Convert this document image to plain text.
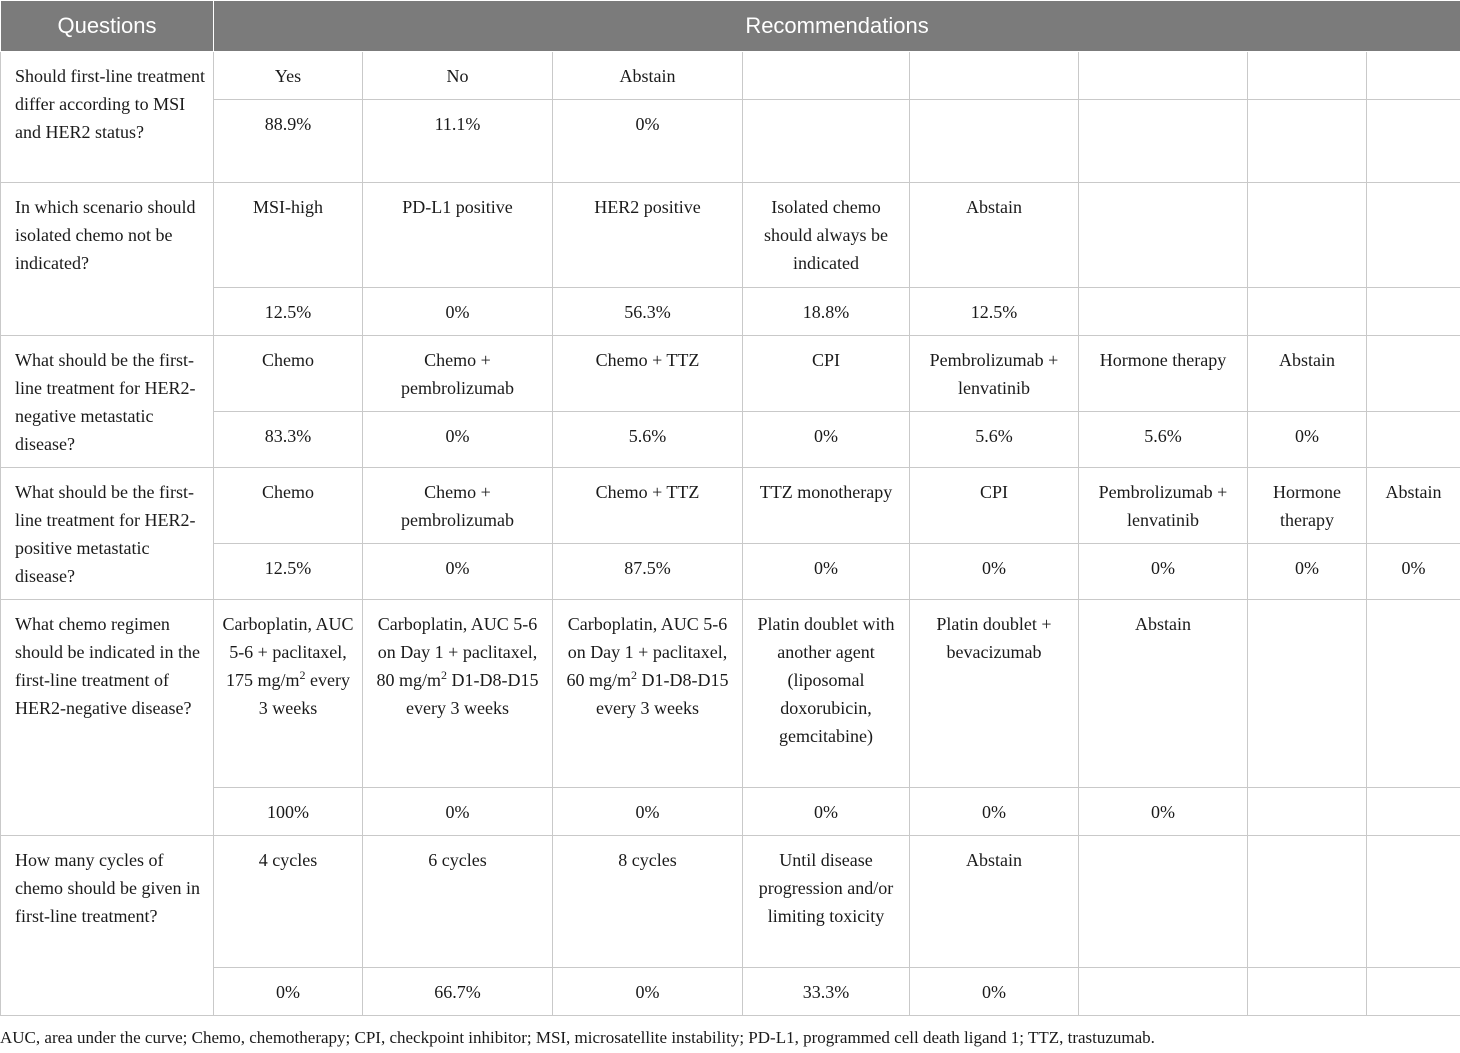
Questions	Recommendations							
Should first-line treatment differ according to MSI and HER2 status?	Yes	No	Abstain					
	88.9%	11.1%	0%					
In which scenario should isolated chemo not be indicated?	MSI-high	PD-L1 positive	HER2 positive	Isolated chemo should always be indicated	Abstain			
	12.5%	0%	56.3%	18.8%	12.5%			
What should be the first-line treatment for HER2-negative metastatic disease?	Chemo	Chemo + pembrolizumab	Chemo + TTZ	CPI	Pembrolizumab + lenvatinib	Hormone therapy	Abstain	
	83.3%	0%	5.6%	0%	5.6%	5.6%	0%	
What should be the first-line treatment for HER2-positive metastatic disease?	Chemo	Chemo + pembrolizumab	Chemo + TTZ	TTZ monotherapy	CPI	Pembrolizumab + lenvatinib	Hormone therapy	Abstain
	12.5%	0%	87.5%	0%	0%	0%	0%	0%
What chemo regimen should be indicated in the first-line treatment of HER2-negative disease?	Carboplatin, AUC 5-6 + paclitaxel, 175 $mg/m^2$ every 3 weeks	Carboplatin, AUC 5-6 on Day 1 + paclitaxel, 80 $mg/m^2$ D1-D8-D15 every 3 weeks	Carboplatin, AUC 5-6 on Day 1 + paclitaxel, 60 $mg/m^2$ D1-D8-D15 every 3 weeks	Platin doublet with another agent (liposomal doxorubicin, gemcitabine)	Platin doublet + bevacizumab	Abstain		
	100%	0%	0%	0%	0%	0%		
How many cycles of chemo should be given in first-line treatment?	4 cycles	6 cycles	8 cycles	Until disease progression and/or limiting toxicity	Abstain			
	0%	66.7%	0%	33.3%	0%			
AUC, area under the curve; Chemo, chemotherapy; CPI, checkpoint inhibitor; MSI, microsatellite instability; PD-L1, programmed cell death ligand 1; TTZ, trastuzumab.
